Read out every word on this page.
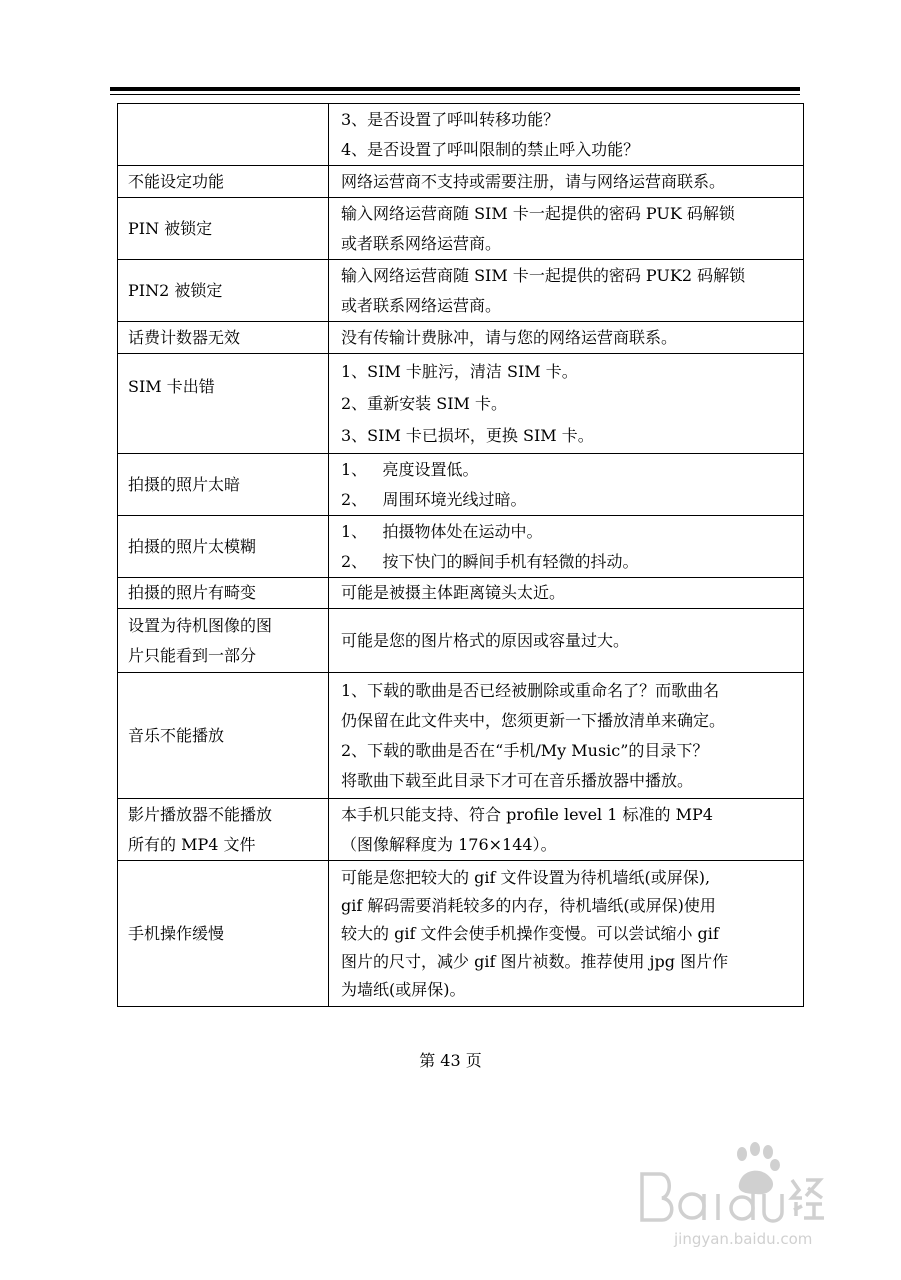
	3、是否设置了呼叫转移功能？
4、是否设置了呼叫限制的禁止呼入功能？

不能设定功能	网络运营商不支持或需要注册，请与网络运营商联系。

PIN 被锁定	输入网络运营商随 SIM 卡一起提供的密码 PUK 码解锁
或者联系网络运营商。

PIN2 被锁定	输入网络运营商随 SIM 卡一起提供的密码 PUK2 码解锁
或者联系网络运营商。

话费计数器无效	没有传输计费脉冲，请与您的网络运营商联系。

SIM 卡出错	1、SIM 卡脏污，清洁 SIM 卡。
2、重新安装 SIM 卡。
3、SIM 卡已损坏，更换 SIM 卡。

拍摄的照片太暗	1、   亮度设置低。
2、   周围环境光线过暗。

拍摄的照片太模糊	1、   拍摄物体处在运动中。
2、   按下快门的瞬间手机有轻微的抖动。

拍摄的照片有畸变	可能是被摄主体距离镜头太近。

设置为待机图像的图
片只能看到一部分	可能是您的图片格式的原因或容量过大。

音乐不能播放	1、下载的歌曲是否已经被删除或重命名了？而歌曲名
仍保留在此文件夹中，您须更新一下播放清单来确定。
2、下载的歌曲是否在“手机/My Music”的目录下？
将歌曲下载至此目录下才可在音乐播放器中播放。

影片播放器不能播放
所有的 MP4 文件	本手机只能支持、符合 profile level 1 标准的 MP4
（图像解释度为 176×144）。

手机操作缓慢	可能是您把较大的 gif 文件设置为待机墙纸(或屏保),
gif 解码需要消耗较多的内存，待机墙纸(或屏保)使用
较大的 gif 文件会使手机操作变慢。可以尝试缩小 gif
图片的尺寸，减少 gif 图片祯数。推荐使用 jpg 图片作
为墙纸(或屏保)。
第 43 页
jingyan.baidu.com
